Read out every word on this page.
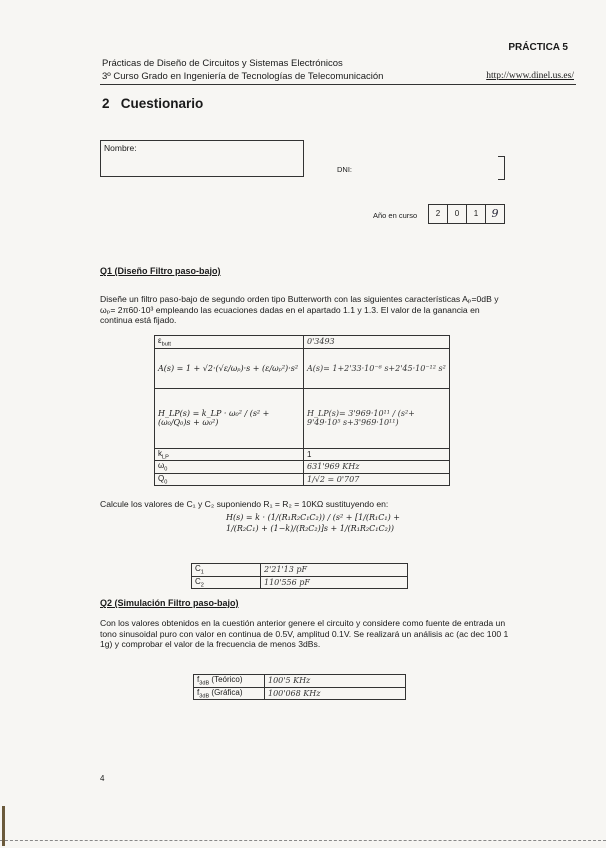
PRÁCTICA 5
Prácticas de Diseño de Circuitos y Sistemas Electrónicos
3º Curso Grado en Ingeniería de Tecnologías de Telecomunicación	http://www.dinel.us.es/
2 Cuestionario
Nombre:
DNI:
Año en curso	2	0	1	9
Q1 (Diseño Filtro paso-bajo)
Diseñe un filtro paso-bajo de segundo orden tipo Butterworth con las siguientes características Aₚ=0dB y ωₚ= 2π60·10³ empleando las ecuaciones dadas en el apartado 1.1 y 1.3. El valor de la ganancia en continua está fijado.
$\varepsilon_{butt}$	0'3493
A(s) = 1 + √2·(√ε/ωₚ)·s + (ε/ωₚ²)·s²	A(s)= 1+2'33·10⁻⁶ s+2'45·10⁻¹² s²
H_LP(s) = k_LP · ω₀² / (s² + (ω₀/Q₀)s + ω₀²)	H_LP(s)= 3'969·10¹¹ / (s²+ 9'49·10⁵ s+3'969·10¹¹)
$k_{LP}$	1
$\omega_0$	631'969 KHz
$Q_0$	1/√2 = 0'707
Calcule los valores de C₁ y C₂ suponiendo R₁ = R₂ = 10KΩ sustituyendo en:
H(s) = k · (1/(R₁R₂C₁C₂)) / (s² + [1/(R₁C₁) + 1/(R₂C₁) + (1−k)/(R₂C₂)]s + 1/(R₁R₂C₁C₂))
$C_1$	2'21'13 pF
$C_2$	110'556 pF
Q2 (Simulación Filtro paso-bajo)
Con los valores obtenidos en la cuestión anterior genere el circuito y considere como fuente de entrada un tono sinusoidal puro con valor en continua de 0.5V, amplitud 0.1V. Se realizará un análisis ac (ac dec 100 1 1g) y comprobar el valor de la frecuencia de menos 3dBs.
$f_{3dB}$ (Teórico)	100'5 KHz
$f_{3dB}$ (Gráfica)	100'068 KHz
4
